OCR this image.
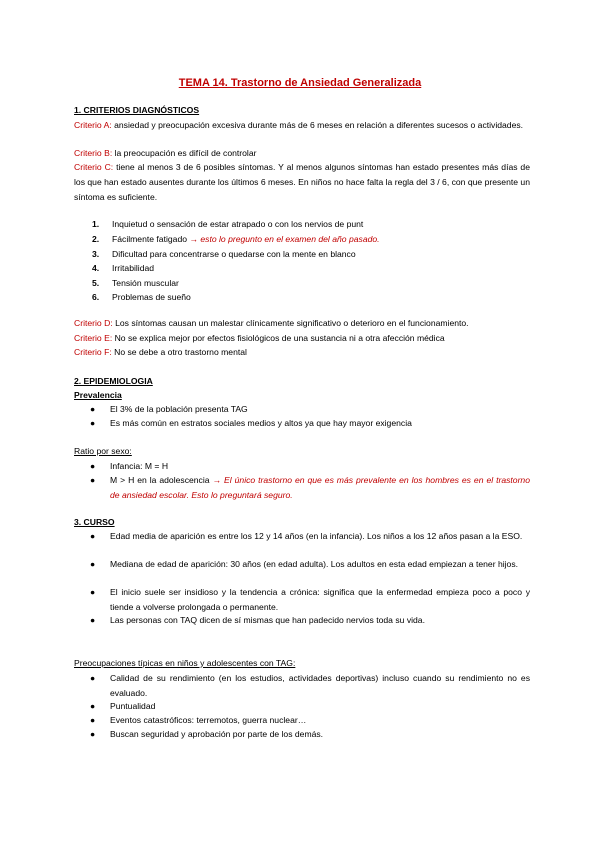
TEMA 14. Trastorno de Ansiedad Generalizada
1. CRITERIOS DIAGNÓSTICOS
Criterio A: ansiedad y preocupación excesiva durante más de 6 meses en relación a diferentes sucesos o actividades.
Criterio B: la preocupación es difícil de controlar
Criterio C: tiene al menos 3 de 6 posibles síntomas. Y al menos algunos síntomas han estado presentes más días de los que han estado ausentes durante los últimos 6 meses. En niños no hace falta la regla del 3 / 6, con que presente un síntoma es suficiente.
1. Inquietud o sensación de estar atrapado o con los nervios de punt
2. Fácilmente fatigado → esto lo pregunto en el examen del año pasado.
3. Dificultad para concentrarse o quedarse con la mente en blanco
4. Irritabilidad
5. Tensión muscular
6. Problemas de sueño
Criterio D: Los síntomas causan un malestar clínicamente significativo o deterioro en el funcionamiento.
Criterio E: No se explica mejor por efectos fisiológicos de una sustancia ni a otra afección médica
Criterio F: No se debe a otro trastorno mental
2. EPIDEMIOLOGIA
Prevalencia
●	El 3% de la población presenta TAG
●	Es más común en estratos sociales medios y altos ya que hay mayor exigencia
Ratio por sexo:
●	Infancia: M = H
●	M > H en la adolescencia → El único trastorno en que es más prevalente en los hombres es en el trastorno de ansiedad escolar. Esto lo preguntará seguro.
3. CURSO
●	Edad media de aparición es entre los 12 y 14 años (en la infancia). Los niños a los 12 años pasan a la ESO.
●	Mediana de edad de aparición: 30 años (en edad adulta). Los adultos en esta edad empiezan a tener hijos.
●	El inicio suele ser insidioso y la tendencia a crónica: significa que la enfermedad empieza poco a poco y tiende a volverse prolongada o permanente.
●	Las personas con TAQ dicen de sí mismas que han padecido nervios toda su vida.
Preocupaciones típicas en niños y adolescentes con TAG:
●	Calidad de su rendimiento (en los estudios, actividades deportivas) incluso cuando su rendimiento no es evaluado.
●	Puntualidad
●	Eventos catastróficos: terremotos, guerra nuclear…
●	Buscan seguridad y aprobación por parte de los demás.
